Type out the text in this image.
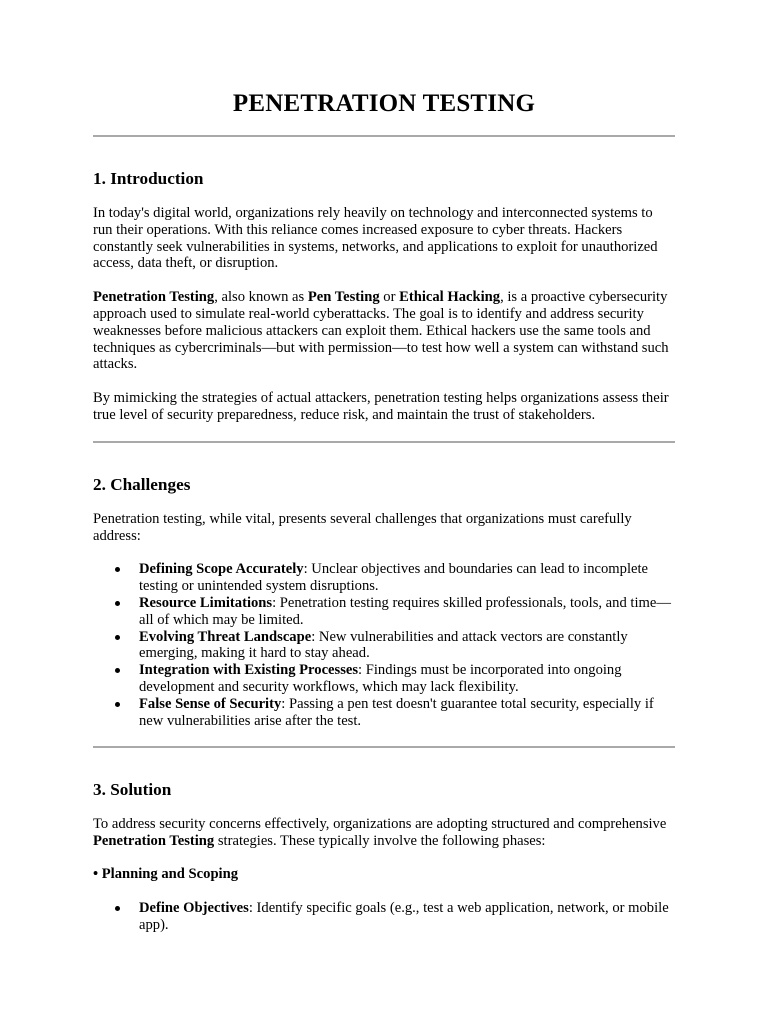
PENETRATION TESTING
1. Introduction

In today's digital world, organizations rely heavily on technology and interconnected systems to run their operations. With this reliance comes increased exposure to cyber threats. Hackers constantly seek vulnerabilities in systems, networks, and applications to exploit for unauthorized access, data theft, or disruption.

Penetration Testing, also known as Pen Testing or Ethical Hacking, is a proactive cybersecurity approach used to simulate real-world cyberattacks. The goal is to identify and address security weaknesses before malicious attackers can exploit them. Ethical hackers use the same tools and techniques as cybercriminals—but with permission—to test how well a system can withstand such attacks.

By mimicking the strategies of actual attackers, penetration testing helps organizations assess their true level of security preparedness, reduce risk, and maintain the trust of stakeholders.

2. Challenges

Penetration testing, while vital, presents several challenges that organizations must carefully address:

Defining Scope Accurately: Unclear objectives and boundaries can lead to incomplete testing or unintended system disruptions.
Resource Limitations: Penetration testing requires skilled professionals, tools, and time—all of which may be limited.
Evolving Threat Landscape: New vulnerabilities and attack vectors are constantly emerging, making it hard to stay ahead.
Integration with Existing Processes: Findings must be incorporated into ongoing development and security workflows, which may lack flexibility.
False Sense of Security: Passing a pen test doesn't guarantee total security, especially if new vulnerabilities arise after the test.
3. Solution

To address security concerns effectively, organizations are adopting structured and comprehensive Penetration Testing strategies. These typically involve the following phases:

• Planning and Scoping

Define Objectives: Identify specific goals (e.g., test a web application, network, or mobile app).
